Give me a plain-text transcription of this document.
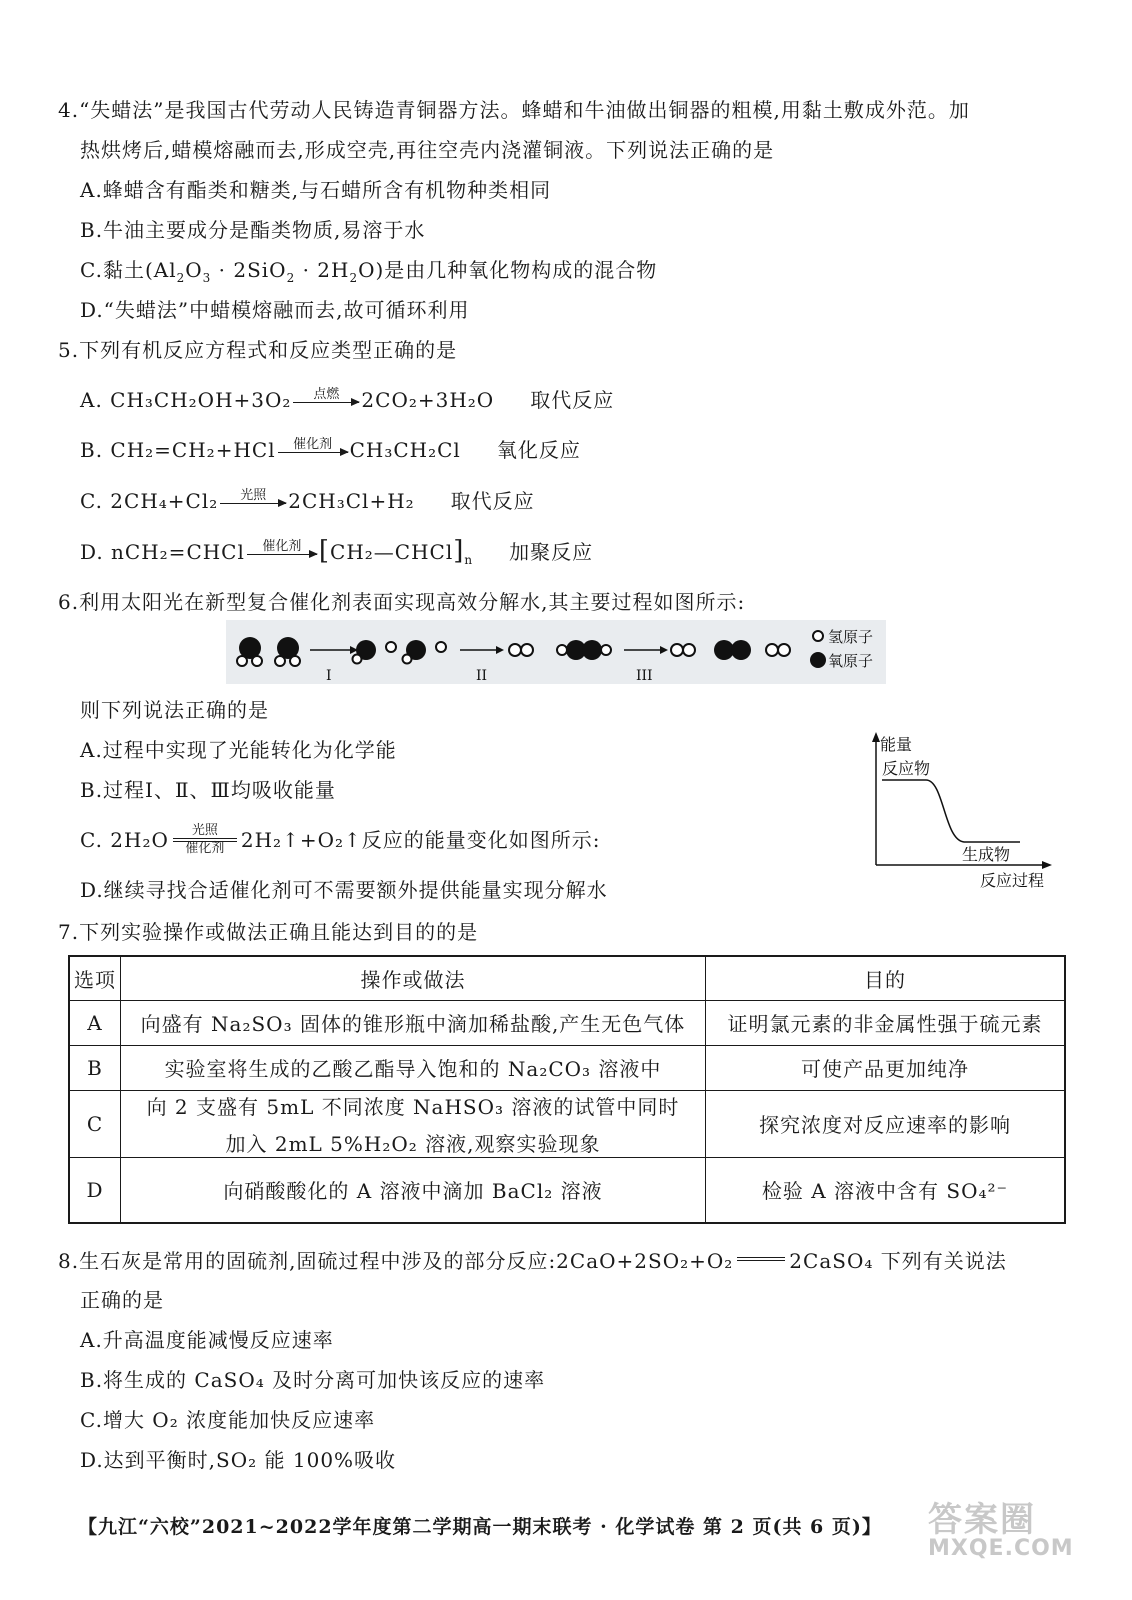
4.“失蜡法”是我国古代劳动人民铸造青铜器方法。蜂蜡和牛油做出铜器的粗模,用黏土敷成外范。加
热烘烤后,蜡模熔融而去,形成空壳,再往空壳内浇灌铜液。下列说法正确的是
A.蜂蜡含有酯类和糖类,与石蜡所含有机物种类相同
B.牛油主要成分是酯类物质,易溶于水
C.黏土$(Al_2O_3 \cdot 2SiO_2 \cdot 2H_2O)$是由几种氧化物构成的混合物
D.“失蜡法”中蜡模熔融而去,故可循环利用
5.下列有机反应方程式和反应类型正确的是
A. CH₃CH₂OH+3O₂ 点燃 2CO₂+3H₂O 取代反应
B. CH₂=CH₂+HCl 催化剂 CH₃CH₂Cl 氧化反应
C. 2CH₄+Cl₂ 光照 2CH₃Cl+H₂ 取代反应
D. nCH₂=CHCl 催化剂 $[CH_2—CHCl]_n$ 加聚反应
6.利用太阳光在新型复合催化剂表面实现高效分解水,其主要过程如图所示:
I	II	III
氢原子
氧原子
则下列说法正确的是
A.过程中实现了光能转化为化学能
B.过程Ⅰ、Ⅱ、Ⅲ均吸收能量
C. 2H₂O 光照
催化剂 2H₂↑+O₂↑反应的能量变化如图所示:
D.继续寻找合适催化剂可不需要额外提供能量实现分解水
能量
反应物
生成物
反应过程
7.下列实验操作或做法正确且能达到目的的是
选项	操作或做法	目的
A	向盛有 Na₂SO₃ 固体的锥形瓶中滴加稀盐酸,产生无色气体	证明氯元素的非金属性强于硫元素
B	实验室将生成的乙酸乙酯导入饱和的 Na₂CO₃ 溶液中	可使产品更加纯净
C	向 2 支盛有 5mL 不同浓度 NaHSO₃ 溶液的试管中同时
加入 2mL 5%H₂O₂ 溶液,观察实验现象	探究浓度对反应速率的影响
D	向硝酸酸化的 A 溶液中滴加 BaCl₂ 溶液	检验 A 溶液中含有 SO₄²⁻
8.生石灰是常用的固硫剂,固硫过程中涉及的部分反应:2CaO+2SO₂+O₂	2CaSO₄ 下列有关说法
正确的是
A.升高温度能减慢反应速率
B.将生成的 CaSO₄ 及时分离可加快该反应的速率
C.增大 O₂ 浓度能加快反应速率
D.达到平衡时,SO₂ 能 100%吸收
【九江“六校”2021~2022学年度第二学期高一期末联考 · 化学试卷 第 2 页(共 6 页)】 答案圈
MXQE.COM
